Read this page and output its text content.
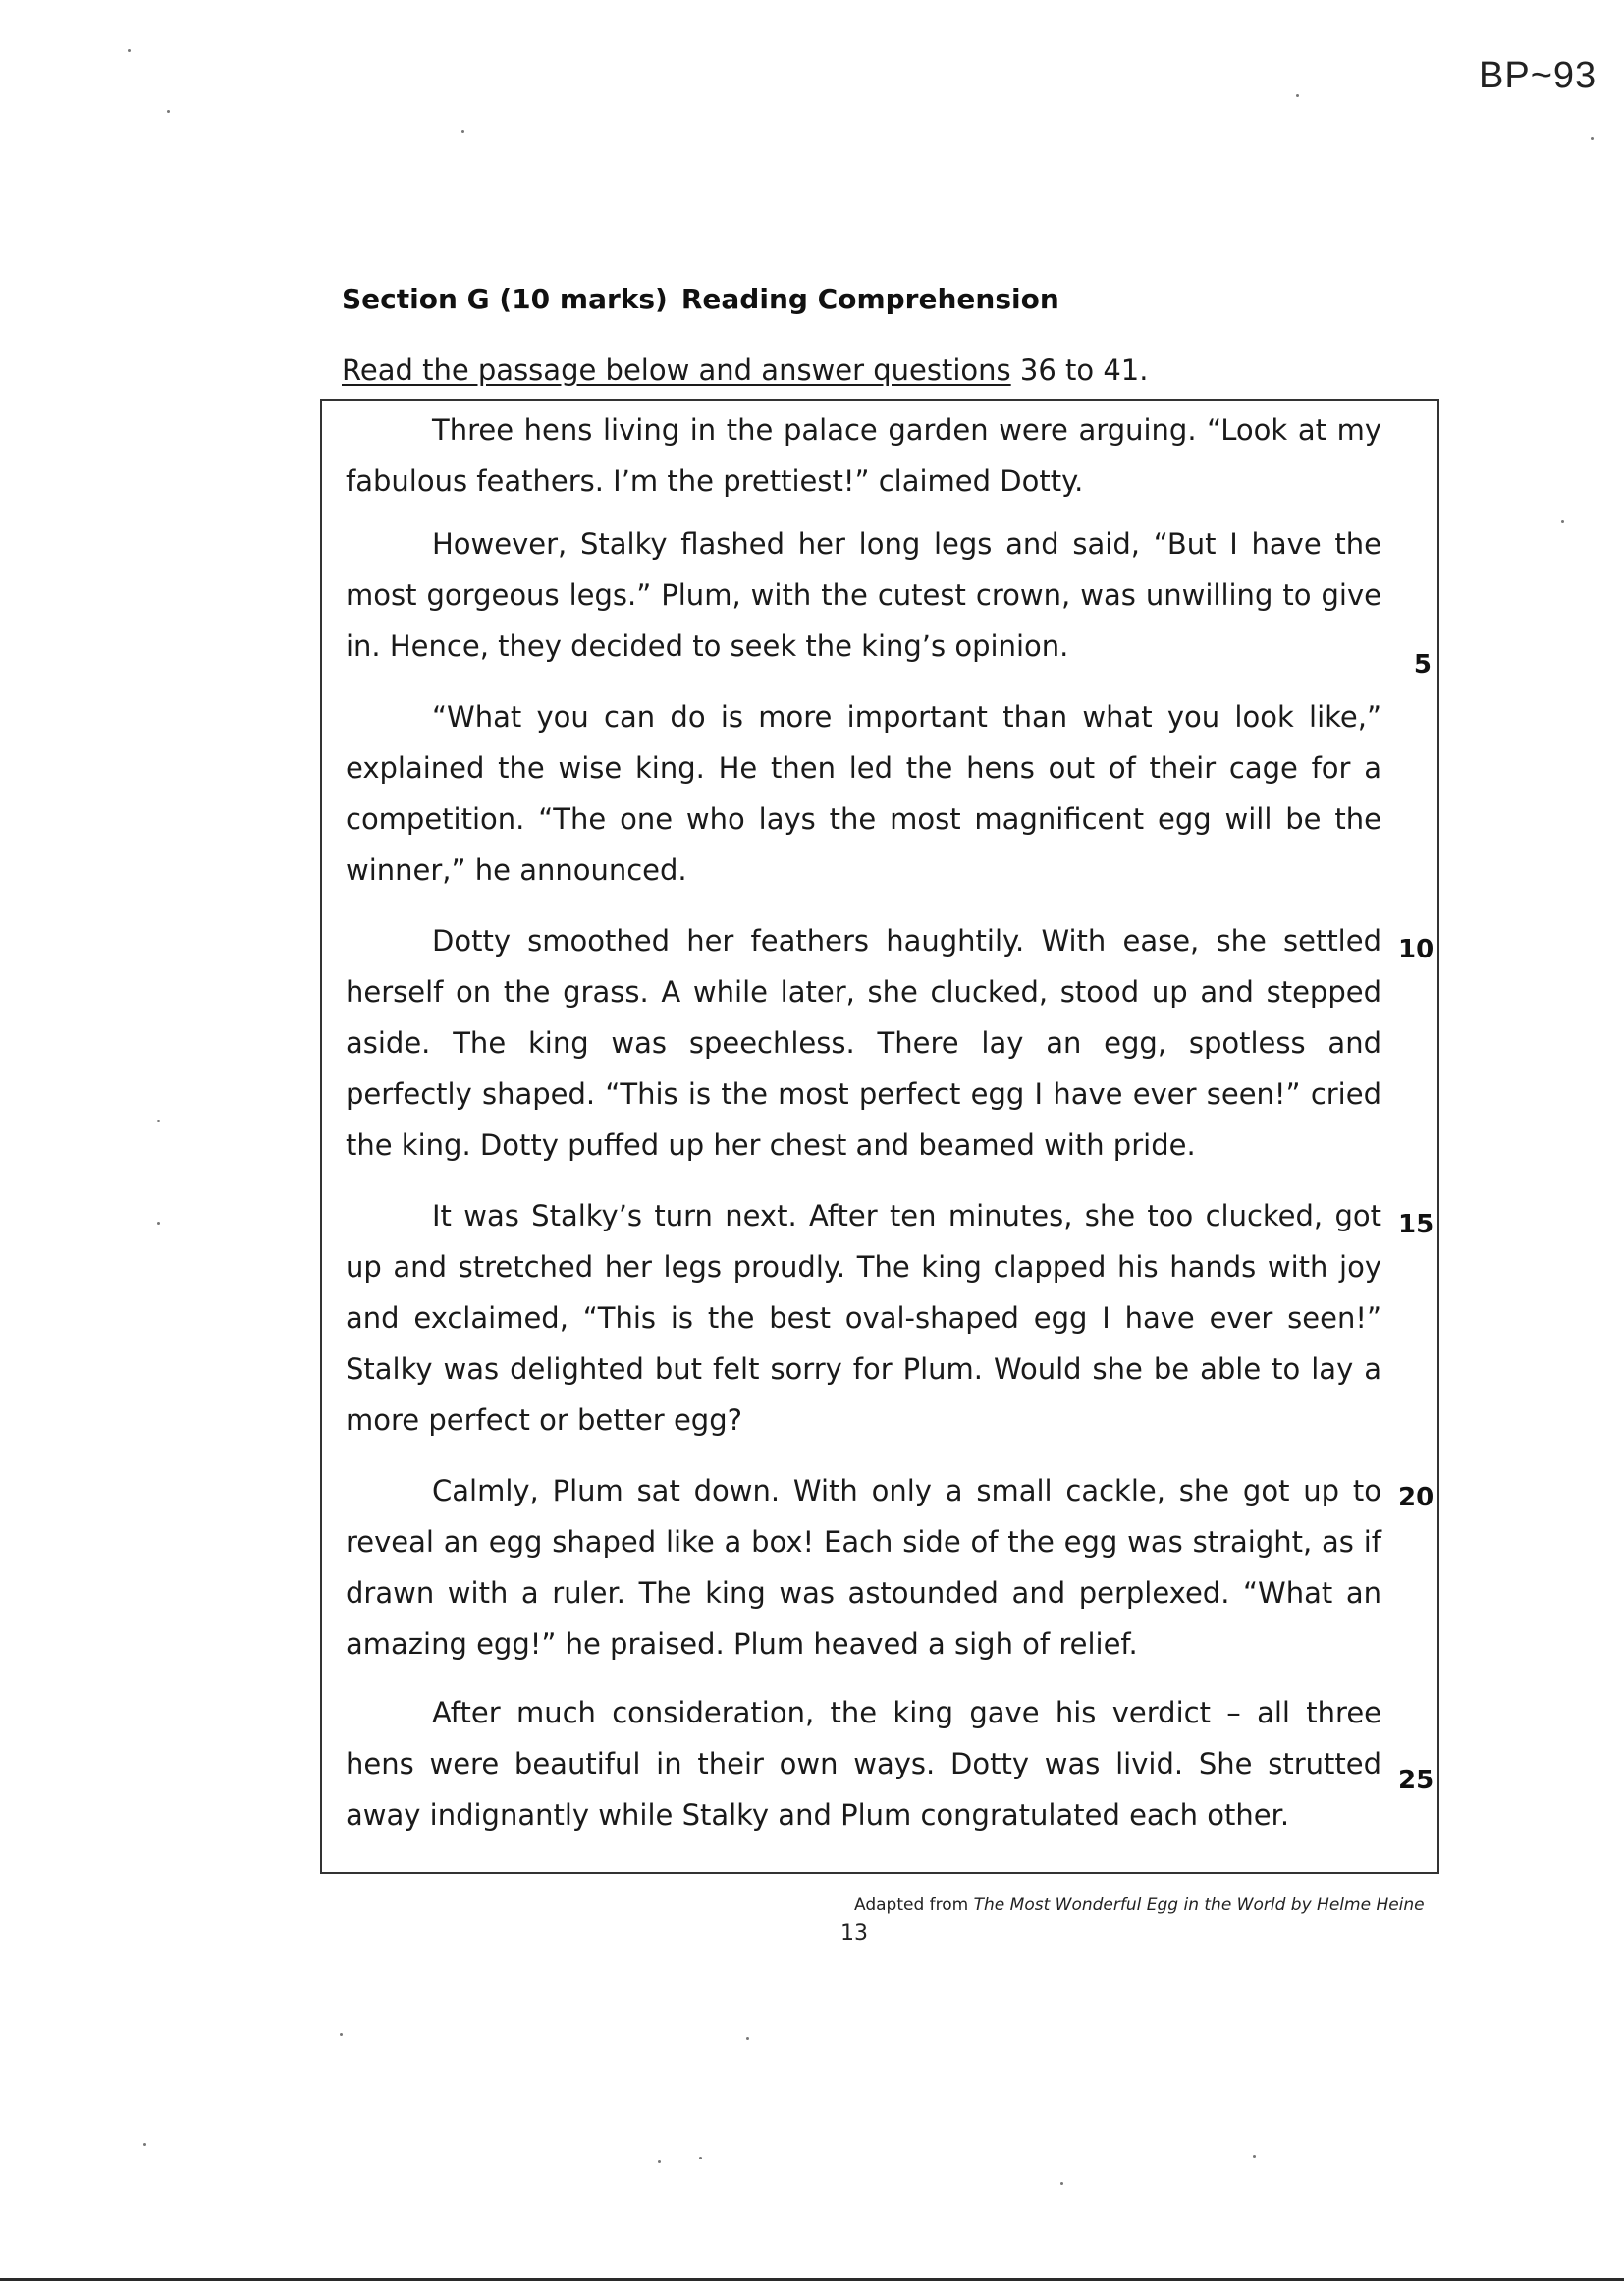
BP~93
Section G (10 marks) Reading Comprehension
Read the passage below and answer questions 36 to 41.

Three hens living in the palace garden were arguing. “Look at my fabulous feathers. I’m the prettiest!” claimed Dotty.

However, Stalky flashed her long legs and said, “But I have the most gorgeous legs.” Plum, with the cutest crown, was unwilling to give in. Hence, they decided to seek the king’s opinion.

“What you can do is more important than what you look like,” explained the wise king. He then led the hens out of their cage for a competition. “The one who lays the most magnificent egg will be the winner,” he announced.

Dotty smoothed her feathers haughtily. With ease, she settled herself on the grass. A while later, she clucked, stood up and stepped aside. The king was speechless. There lay an egg, spotless and perfectly shaped. “This is the most perfect egg I have ever seen!” cried the king. Dotty puffed up her chest and beamed with pride.

It was Stalky’s turn next. After ten minutes, she too clucked, got up and stretched her legs proudly. The king clapped his hands with joy and exclaimed, “This is the best oval-shaped egg I have ever seen!” Stalky was delighted but felt sorry for Plum. Would she be able to lay a more perfect or better egg?

Calmly, Plum sat down. With only a small cackle, she got up to reveal an egg shaped like a box! Each side of the egg was straight, as if drawn with a ruler. The king was astounded and perplexed. “What an amazing egg!” he praised. Plum heaved a sigh of relief.

After much consideration, the king gave his verdict – all three hens were beautiful in their own ways. Dotty was livid. She strutted away indignantly while Stalky and Plum congratulated each other.

5
10
15
20
25
Adapted from The Most Wonderful Egg in the World by Helme Heine
13
